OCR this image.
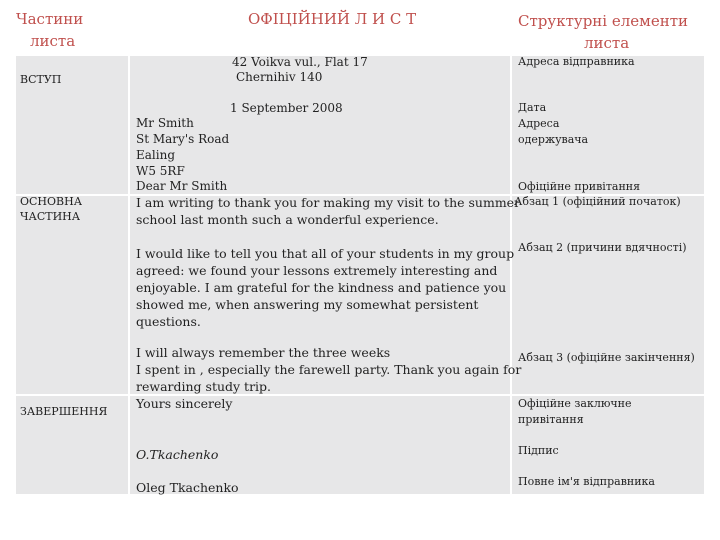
Частини
листа
ОФІЦІЙНИЙ Л И С Т	Структурні елементи
листа
ВСТУП
ОСНОВНА
ЧАСТИНА
ЗАВЕРШЕННЯ
42 Voikva vul., Flat 17
Chernihiv 140
1 September 2008
Mr Smith
St Mary's Road
Ealing
W5 5RF
Dear Mr Smith
I am writing to thank you for making my visit to the summer
school last month such a wonderful experience.
I would like to tell you that all of your students in my group
agreed: we found your lessons extremely interesting and
enjoyable. I am grateful for the kindness and patience you
showed me, when answering my somewhat persistent
questions.
I will always remember the three weeks
I spent in , especially the farewell party. Thank you again for
rewarding study trip.
Yours sincerely
O.Tkachenko
Oleg Tkachenko
Адреса відправника
Дата
Адреса
одержувача
Офіційне привітання
Абзац 1 (офіційний початок)
Абзац 2 (причини вдячності)
Абзац 3 (офіційне закінчення)
Офіційне заключне
привітання
Підпис
Повне ім'я відправника
